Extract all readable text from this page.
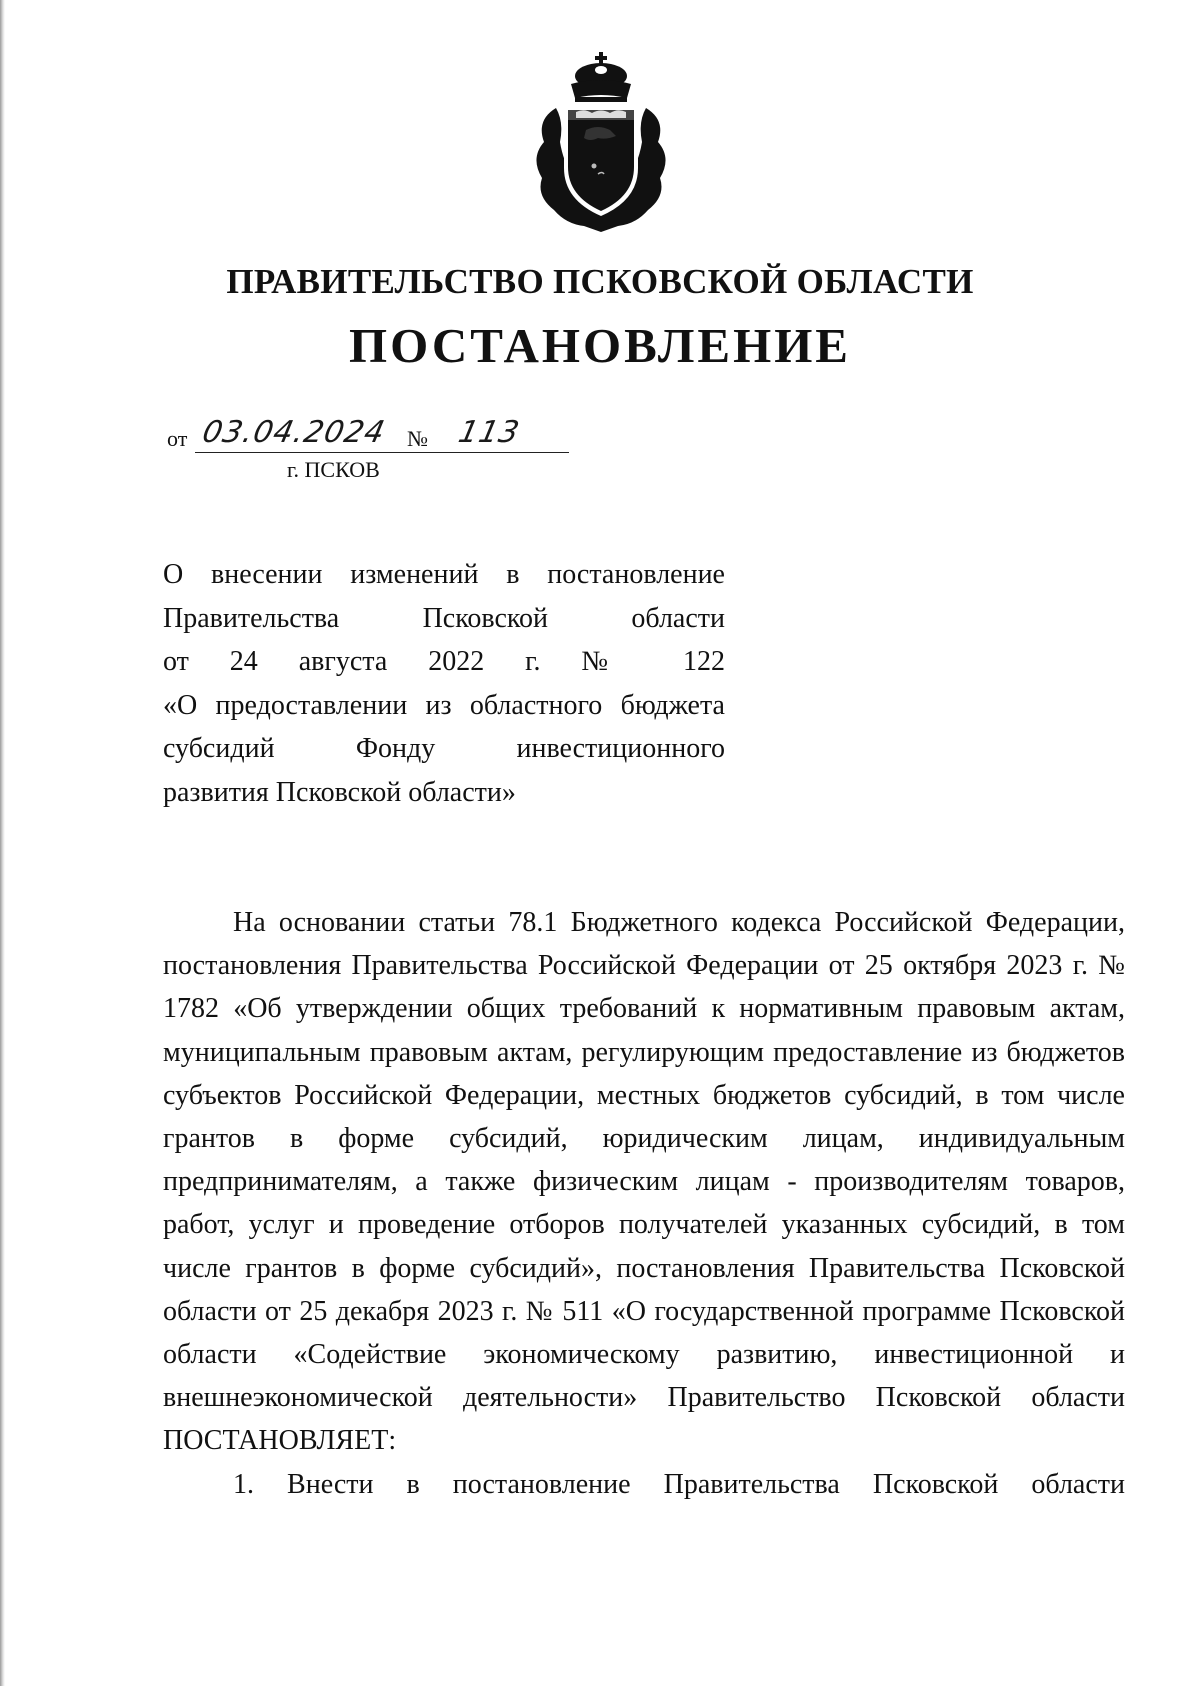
ПРАВИТЕЛЬСТВО ПСКОВСКОЙ ОБЛАСТИ
ПОСТАНОВЛЕНИЕ
от 03.04.2024 № 113
г. ПСКОВ
О внесении изменений в постановление
Правительства Псковской области
от 24 августа 2022 г. № 122
«О предоставлении из областного бюджета
субсидий Фонду инвестиционного
развития Псковской области»

На основании статьи 78.1 Бюджетного кодекса Российской Федерации, постановления Правительства Российской Федерации от 25 октября 2023 г. № 1782 «Об утверждении общих требований к нормативным правовым актам, муниципальным правовым актам, регулирующим предоставление из бюджетов субъектов Российской Федерации, местных бюджетов субсидий, в том числе грантов в форме субсидий, юридическим лицам, индивидуальным предпринимателям, а также физическим лицам - производителям товаров, работ, услуг и проведение отборов получателей указанных субсидий, в том числе грантов в форме субсидий», постановления Правительства Псковской области от 25 декабря 2023 г. № 511 «О государственной программе Псковской области «Содействие экономическому развитию, инвестиционной и внешнеэкономической деятельности» Правительство Псковской области ПОСТАНОВЛЯЕТ:

1. Внести в постановление Правительства Псковской области
